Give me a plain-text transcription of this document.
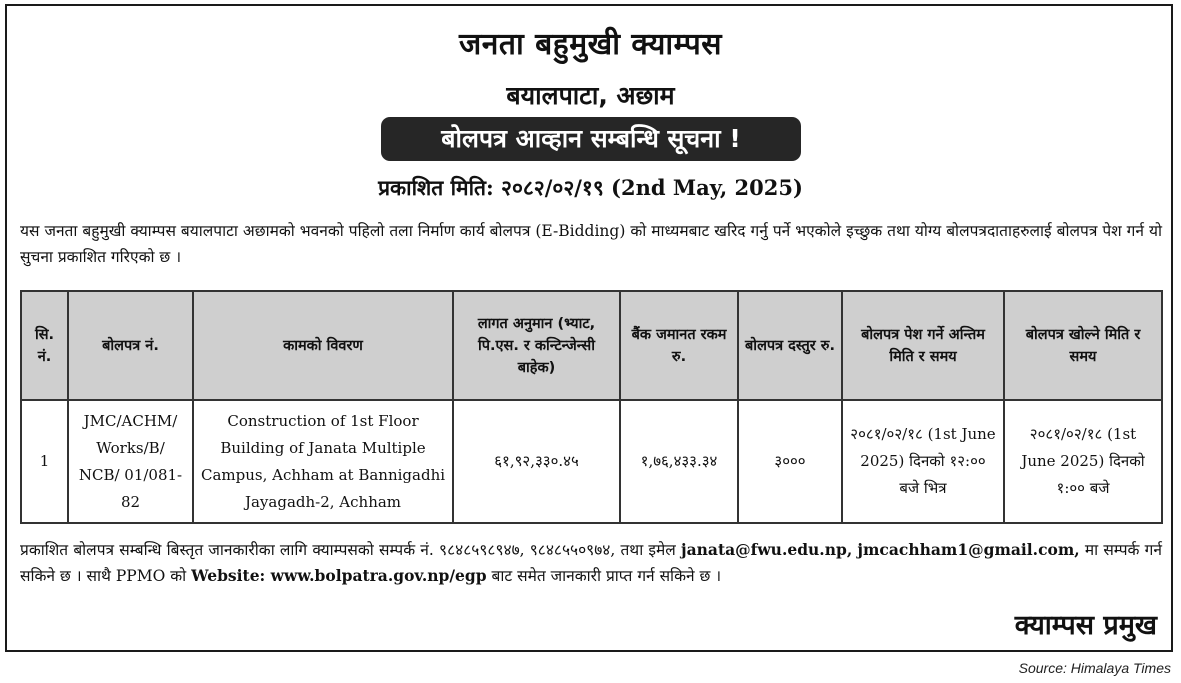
जनता बहुमुखी क्याम्पस
बयालपाटा, अछाम
बोलपत्र आव्हान सम्बन्धि सूचना !
प्रकाशित मिति: २०८२/०२/१९ (2nd May, 2025)
यस जनता बहुमुखी क्याम्पस बयालपाटा अछामको भवनको पहिलो तला निर्माण कार्य बोलपत्र (E-Bidding) को माध्यमबाट खरिद गर्नु पर्ने भएकोले इच्छुक तथा योग्य बोलपत्रदाताहरुलाई बोलपत्र पेश गर्न यो सुचना प्रकाशित गरिएको छ ।
सि. नं.	बोलपत्र नं.	कामको विवरण	लागत अनुमान (भ्याट, पि.एस. र कन्टिन्जेन्सी बाहेक)	बैंक जमानत रकम रु.	बोलपत्र दस्तुर रु.	बोलपत्र पेश गर्ने अन्तिम मिति र समय	बोलपत्र खोल्ने मिति र समय
1	JMC/ACHM/ Works/B/ NCB/ 01/081-82	Construction of 1st Floor Building of Janata Multiple Campus, Achham at Bannigadhi Jayagadh-2, Achham	६१,९२,३३०.४५	१,७६,४३३.३४	३०००	२०८१/०२/१८ (1st June 2025) दिनको १२:०० बजे भित्र	२०८१/०२/१८ (1st June 2025) दिनको १:०० बजे
प्रकाशित बोलपत्र सम्बन्धि बिस्तृत जानकारीका लागि क्याम्पसको सम्पर्क नं. ९८४८५९८९४७, ९८४८५५०९७४, तथा इमेल janata@fwu.edu.np, jmcachham1@gmail.com, मा सम्पर्क गर्न सकिने छ । साथै PPMO को Website: www.bolpatra.gov.np/egp बाट समेत जानकारी प्राप्त गर्न सकिने छ ।
क्याम्पस प्रमुख
Source: Himalaya Times
